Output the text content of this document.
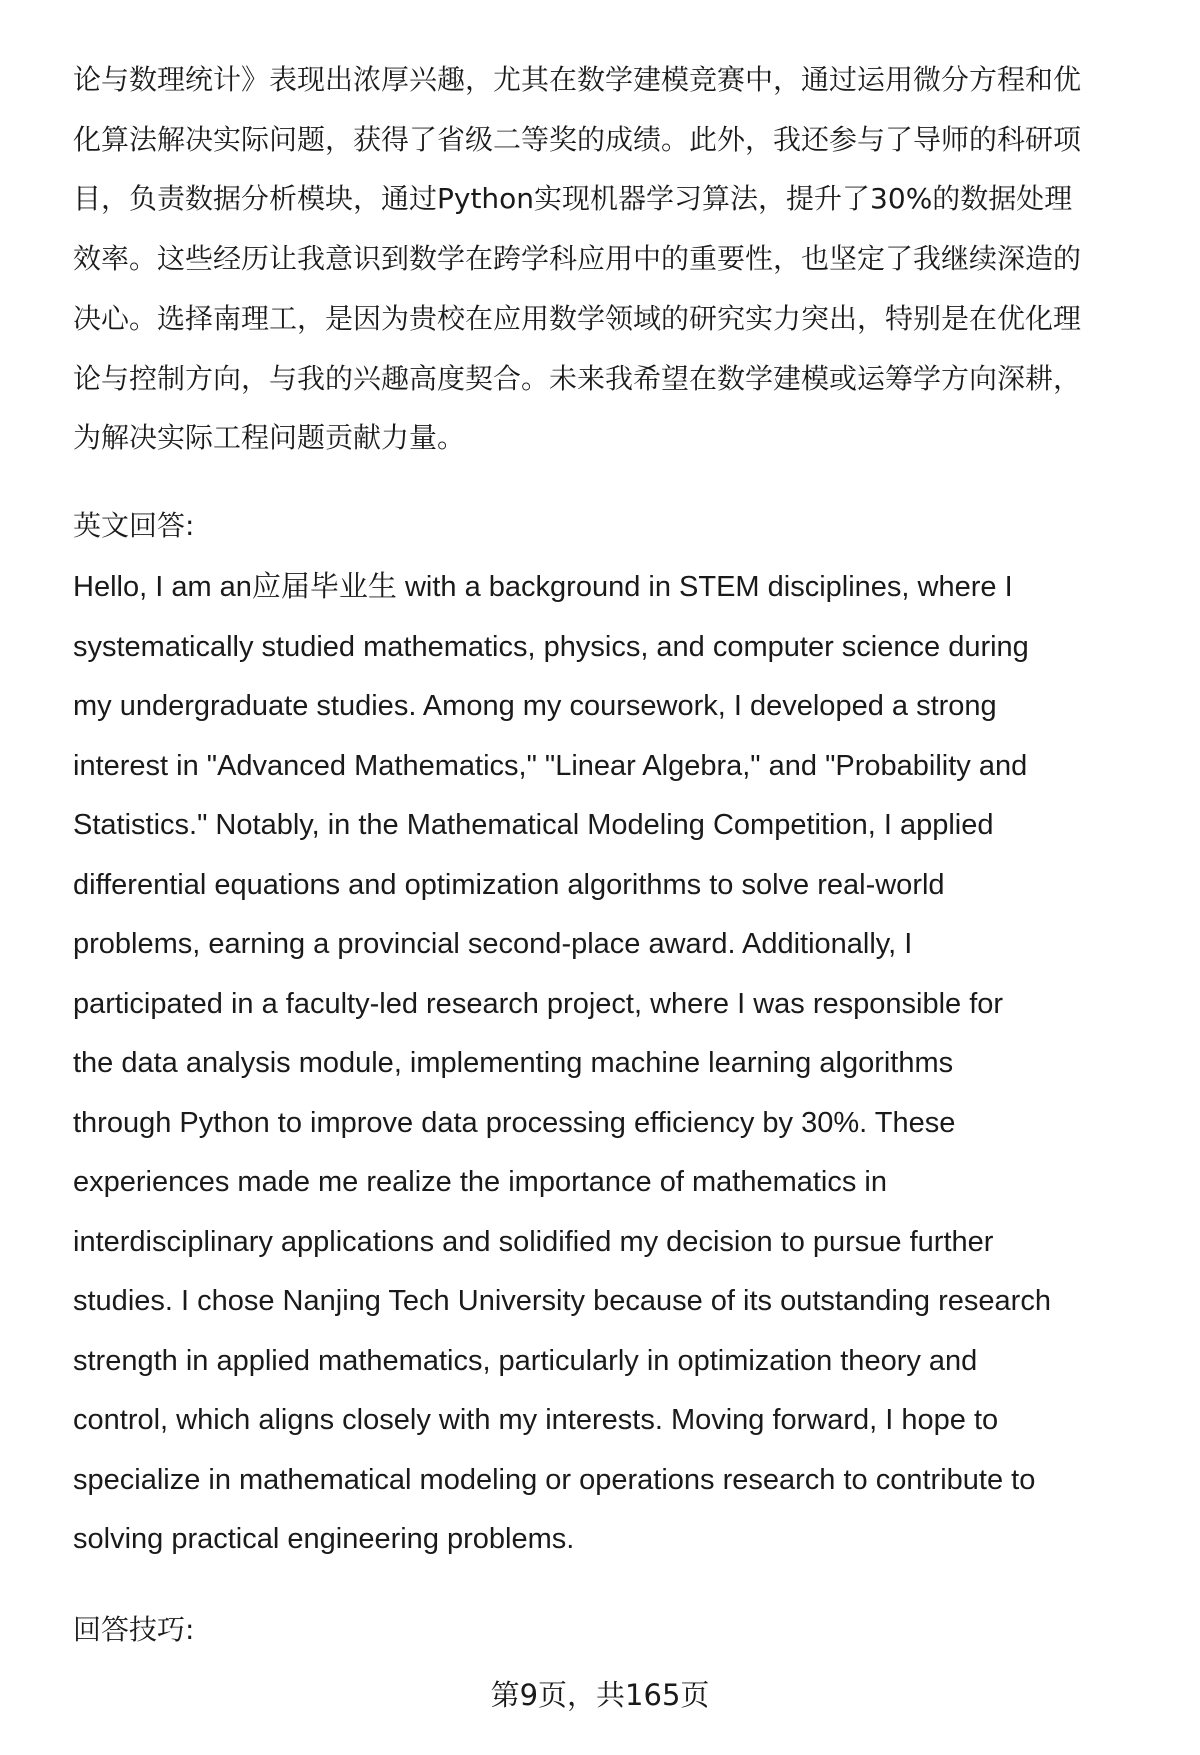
论与数理统计》表现出浓厚兴趣，尤其在数学建模竞赛中，通过运用微分方程和优
化算法解决实际问题，获得了省级二等奖的成绩。此外，我还参与了导师的科研项
目，负责数据分析模块，通过Python实现机器学习算法，提升了30%的数据处理
效率。这些经历让我意识到数学在跨学科应用中的重要性，也坚定了我继续深造的
决心。选择南理工，是因为贵校在应用数学领域的研究实力突出，特别是在优化理
论与控制方向，与我的兴趣高度契合。未来我希望在数学建模或运筹学方向深耕，
为解决实际工程问题贡献力量。
Hello, I am an应届毕业生 with a background in STEM disciplines, where I
systematically studied mathematics, physics, and computer science during
my undergraduate studies. Among my coursework, I developed a strong
interest in "Advanced Mathematics," "Linear Algebra," and "Probability and
Statistics." Notably, in the Mathematical Modeling Competition, I applied
differential equations and optimization algorithms to solve real-world
problems, earning a provincial second-place award. Additionally, I
participated in a faculty-led research project, where I was responsible for
the data analysis module, implementing machine learning algorithms
through Python to improve data processing efficiency by 30%. These
experiences made me realize the importance of mathematics in
interdisciplinary applications and solidified my decision to pursue further
studies. I chose Nanjing Tech University because of its outstanding research
strength in applied mathematics, particularly in optimization theory and
control, which aligns closely with my interests. Moving forward, I hope to
specialize in mathematical modeling or operations research to contribute to
solving practical engineering problems.
英文回答:
回答技巧:
第9页，共165页
